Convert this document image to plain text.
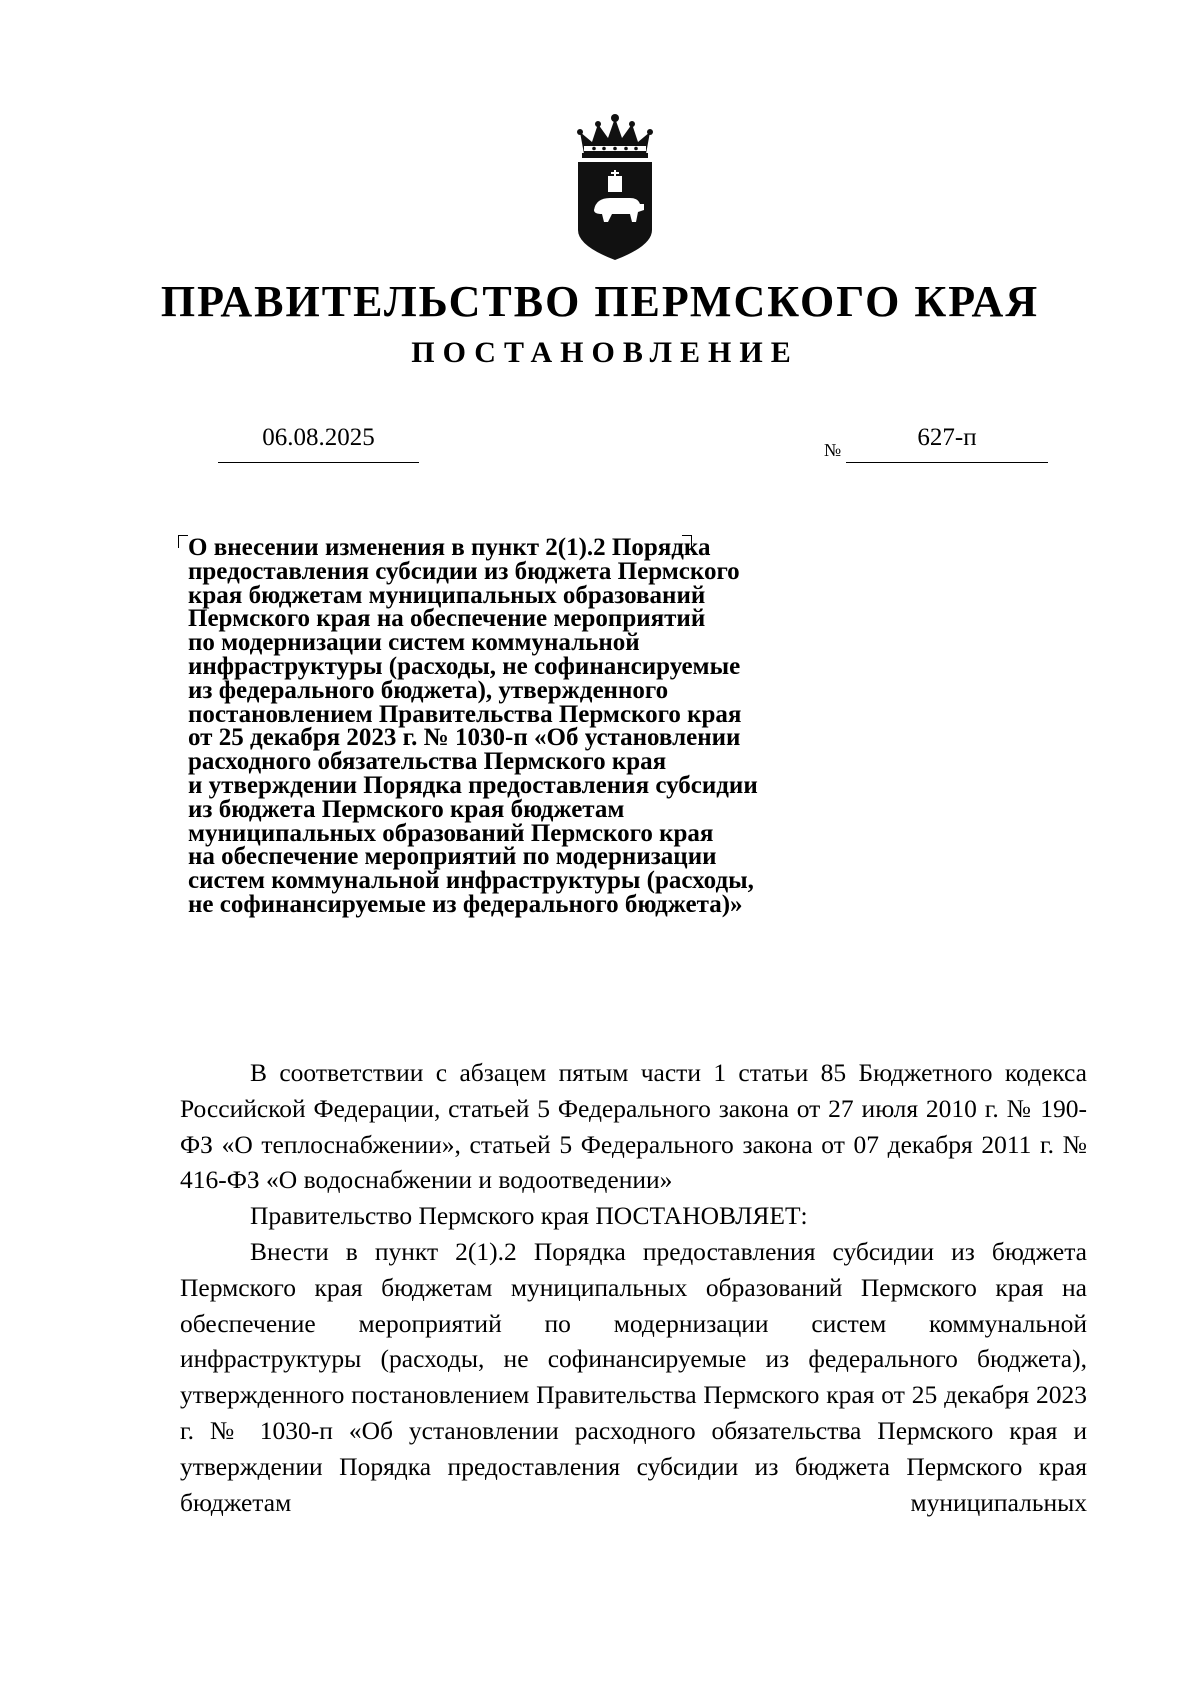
ПРАВИТЕЛЬСТВО ПЕРМСКОГО КРАЯ
ПОСТАНОВЛЕНИЕ
06.08.2025	№	627-п
О внесении изменения в пункт 2(1).2 Порядка
предоставления субсидии из бюджета Пермского
края бюджетам муниципальных образований
Пермского края на обеспечение мероприятий
по модернизации систем коммунальной
инфраструктуры (расходы, не софинансируемые
из федерального бюджета), утвержденного
постановлением Правительства Пермского края
от 25 декабря 2023 г. № 1030-п «Об установлении
расходного обязательства Пермского края
и утверждении Порядка предоставления субсидии
из бюджета Пермского края бюджетам
муниципальных образований Пермского края
на обеспечение мероприятий по модернизации
систем коммунальной инфраструктуры (расходы,
не софинансируемые из федерального бюджета)»

В соответствии с абзацем пятым части 1 статьи 85 Бюджетного кодекса Российской Федерации, статьей 5 Федерального закона от 27 июля 2010 г. № 190-ФЗ «О теплоснабжении», статьей 5 Федерального закона от 07 декабря 2011 г. № 416-ФЗ «О водоснабжении и водоотведении»

Правительство Пермского края ПОСТАНОВЛЯЕТ:

Внести в пункт 2(1).2 Порядка предоставления субсидии из бюджета Пермского края бюджетам муниципальных образований Пермского края на обеспечение мероприятий по модернизации систем коммунальной инфраструктуры (расходы, не софинансируемые из федерального бюджета), утвержденного постановлением Правительства Пермского края от 25 декабря 2023 г. № 1030-п «Об установлении расходного обязательства Пермского края и утверждении Порядка предоставления субсидии из бюджета Пермского края бюджетам муниципальных
